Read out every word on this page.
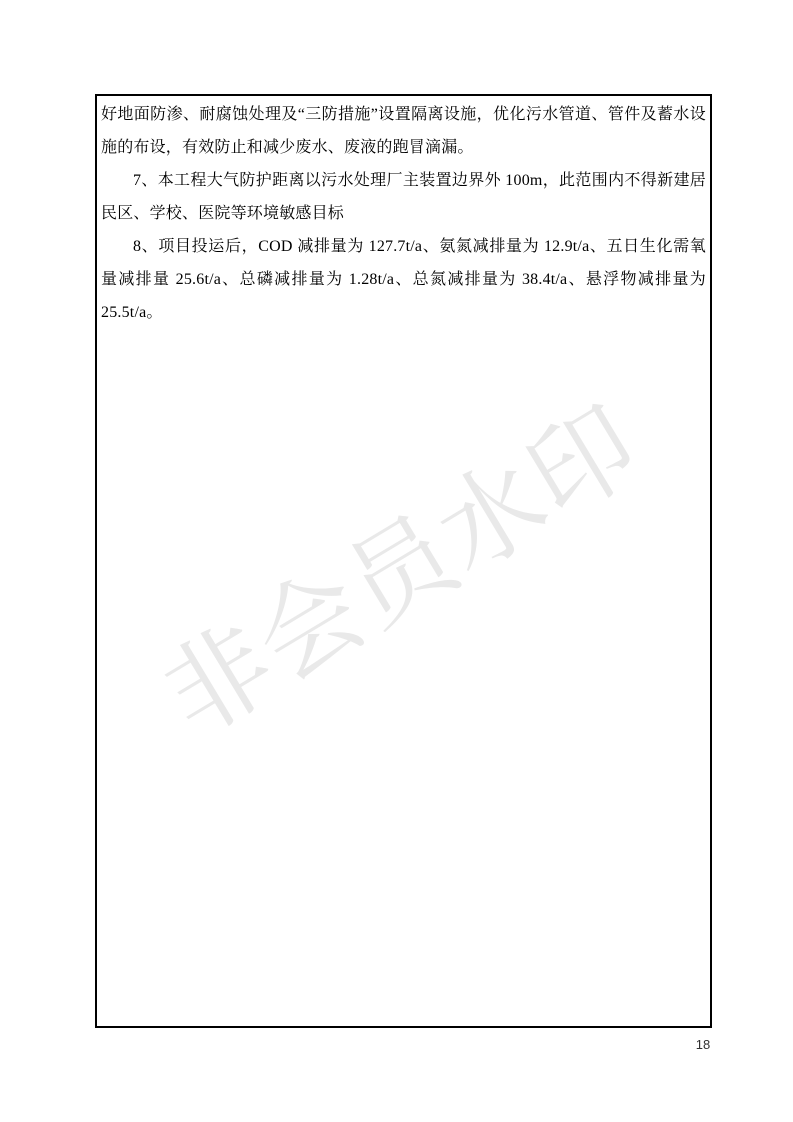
非会员水印

好地面防渗、耐腐蚀处理及“三防措施”设置隔离设施，优化污水管道、管件及蓄水设施的布设，有效防止和减少废水、废液的跑冒滴漏。

7、本工程大气防护距离以污水处理厂主装置边界外 100m，此范围内不得新建居民区、学校、医院等环境敏感目标

8、项目投运后，COD 减排量为 127.7t/a、氨氮减排量为 12.9t/a、五日生化需氧量减排量 25.6t/a、总磷减排量为 1.28t/a、总氮减排量为 38.4t/a、悬浮物减排量为 25.5t/a。

18
